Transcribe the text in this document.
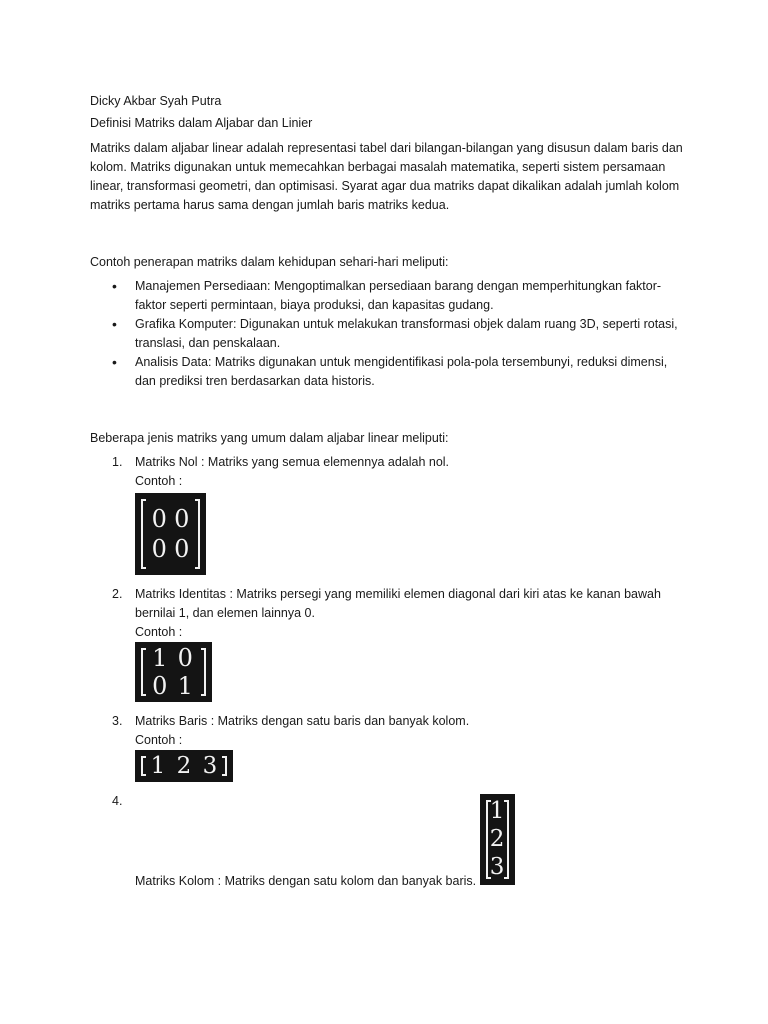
Dicky Akbar Syah Putra

Definisi Matriks dalam Aljabar dan Linier

Matriks dalam aljabar linear adalah representasi tabel dari bilangan-bilangan yang disusun dalam baris dan kolom. Matriks digunakan untuk memecahkan berbagai masalah matematika, seperti sistem persamaan linear, transformasi geometri, dan optimisasi. Syarat agar dua matriks dapat dikalikan adalah jumlah kolom matriks pertama harus sama dengan jumlah baris matriks kedua.

Contoh penerapan matriks dalam kehidupan sehari-hari meliputi:

• Manajemen Persediaan: Mengoptimalkan persediaan barang dengan memperhitungkan faktor-faktor seperti permintaan, biaya produksi, dan kapasitas gudang.
• Grafika Komputer: Digunakan untuk melakukan transformasi objek dalam ruang 3D, seperti rotasi, translasi, dan penskalaan.
• Analisis Data: Matriks digunakan untuk mengidentifikasi pola-pola tersembunyi, reduksi dimensi, dan prediksi tren berdasarkan data historis.

Beberapa jenis matriks yang umum dalam aljabar linear meliputi:

1. Matriks Nol : Matriks yang semua elemennya adalah nol.
Contoh :
0 0
0 0
2. Matriks Identitas : Matriks persegi yang memiliki elemen diagonal dari kiri atas ke kanan bawah bernilai 1, dan elemen lainnya 0.
Contoh :
1 0
0 1
3. Matriks Baris : Matriks dengan satu baris dan banyak kolom.
Contoh :
1 2 3
4.
Matriks Kolom : Matriks dengan satu kolom dan banyak baris.
1
2
3
